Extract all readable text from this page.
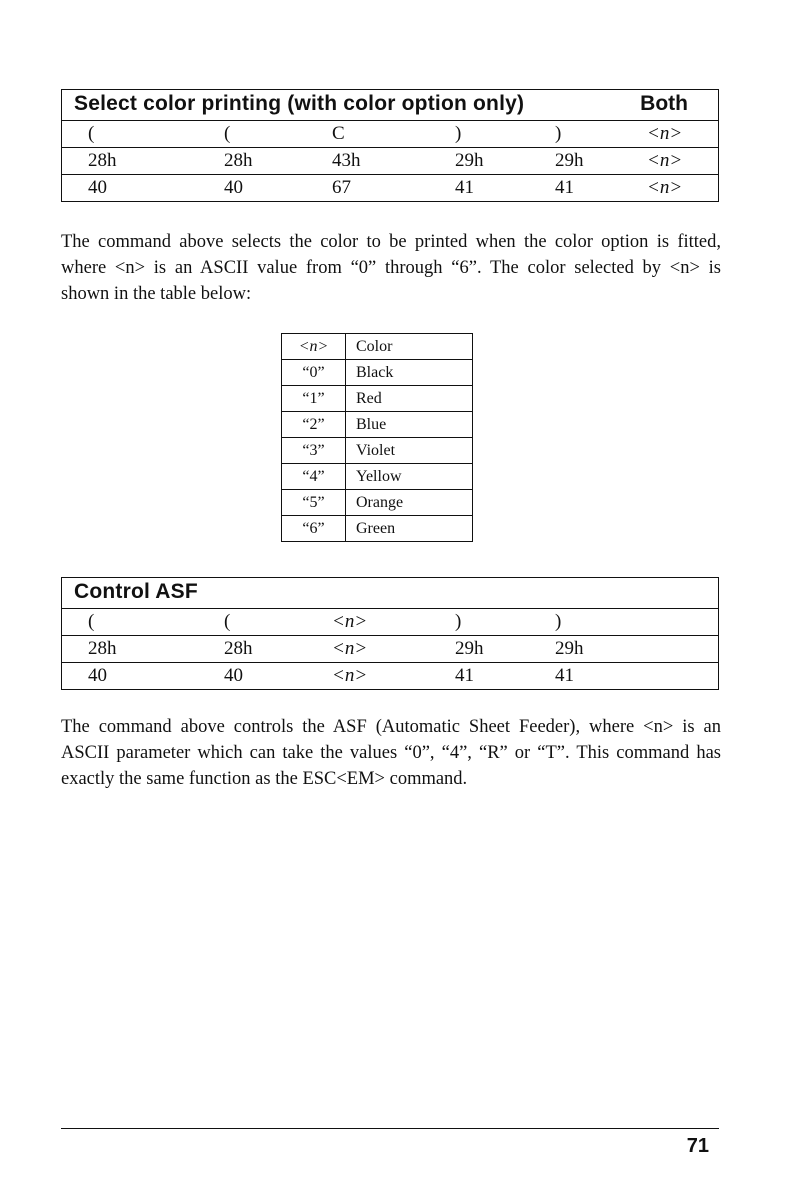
Select color printing (with color option only)	Both
(	(	C	)	)	<n>
28h	28h	43h	29h	29h	<n>
40	40	67	41	41	<n>
The command above selects the color to be printed when the color option is fitted,
where <n> is an ASCII value from “0” through “6”. The color selected by <n> is
shown in the table below:
<n>	Color
“0”	Black
“1”	Red
“2”	Blue
“3”	Violet
“4”	Yellow
“5”	Orange
“6”	Green
Control ASF
(	(	<n>	)	)
28h	28h	<n>	29h	29h
40	40	<n>	41	41
The command above controls the ASF (Automatic Sheet Feeder), where <n> is an
ASCII parameter which can take the values “0”, “4”, “R” or “T”. This command has
exactly the same function as the ESC<EM> command.
71
